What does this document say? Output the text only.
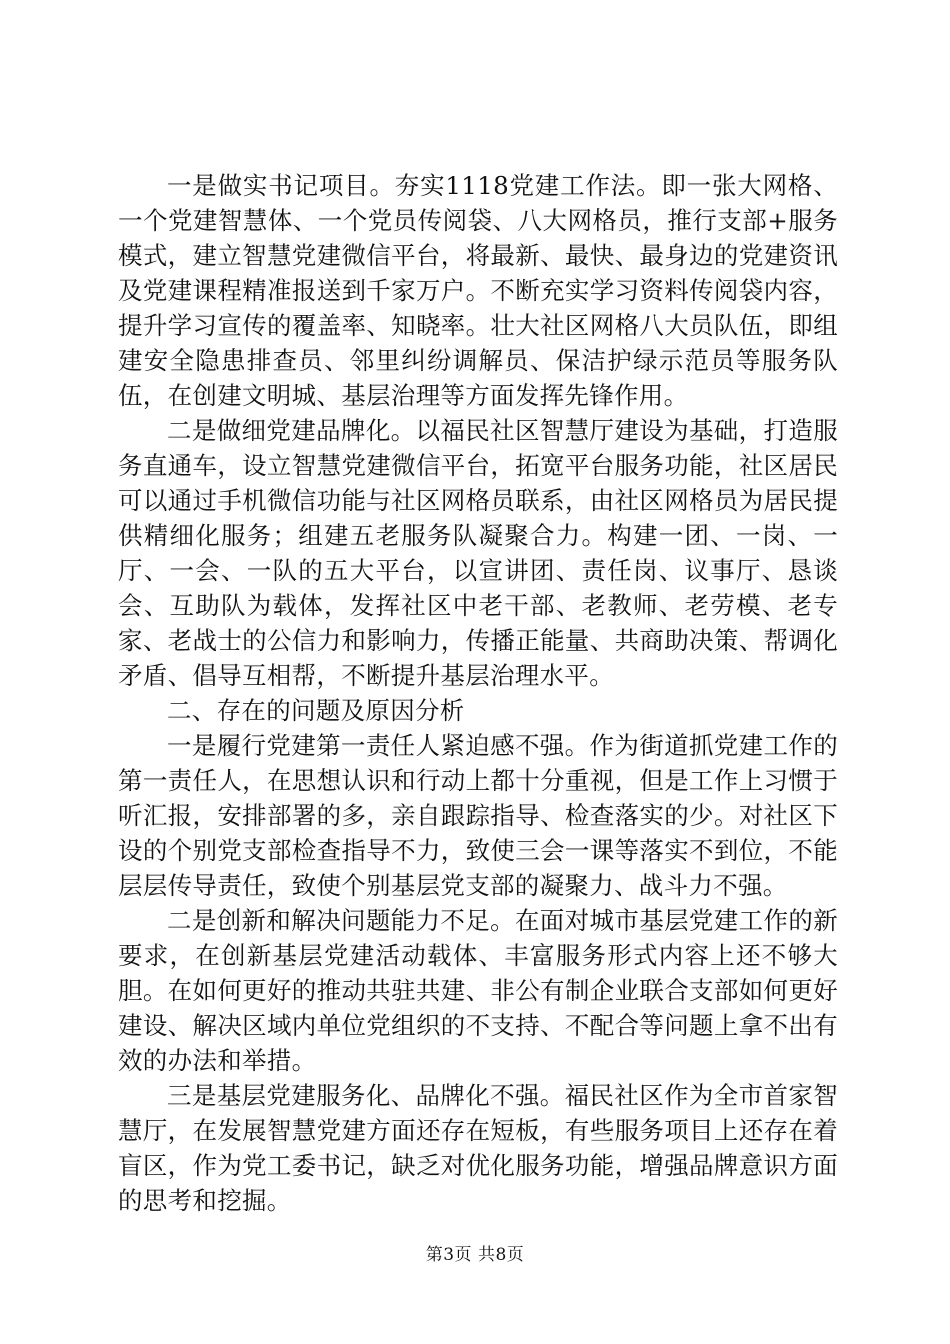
一是做实书记项目。夯实1118党建工作法。即一张大网格、一个党建智慧体、一个党员传阅袋、八大网格员，推行支部+服务模式，建立智慧党建微信平台，将最新、最快、最身边的党建资讯及党建课程精准报送到千家万户。不断充实学习资料传阅袋内容，提升学习宣传的覆盖率、知晓率。壮大社区网格八大员队伍，即组建安全隐患排查员、邻里纠纷调解员、保洁护绿示范员等服务队伍，在创建文明城、基层治理等方面发挥先锋作用。

二是做细党建品牌化。以福民社区智慧厅建设为基础，打造服务直通车，设立智慧党建微信平台，拓宽平台服务功能，社区居民可以通过手机微信功能与社区网格员联系，由社区网格员为居民提供精细化服务；组建五老服务队凝聚合力。构建一团、一岗、一厅、一会、一队的五大平台，以宣讲团、责任岗、议事厅、恳谈会、互助队为载体，发挥社区中老干部、老教师、老劳模、老专家、老战士的公信力和影响力，传播正能量、共商助决策、帮调化矛盾、倡导互相帮，不断提升基层治理水平。

二、存在的问题及原因分析

一是履行党建第一责任人紧迫感不强。作为街道抓党建工作的第一责任人，在思想认识和行动上都十分重视，但是工作上习惯于听汇报，安排部署的多，亲自跟踪指导、检查落实的少。对社区下设的个别党支部检查指导不力，致使三会一课等落实不到位，不能层层传导责任，致使个别基层党支部的凝聚力、战斗力不强。

二是创新和解决问题能力不足。在面对城市基层党建工作的新要求，在创新基层党建活动载体、丰富服务形式内容上还不够大胆。在如何更好的推动共驻共建、非公有制企业联合支部如何更好建设、解决区域内单位党组织的不支持、不配合等问题上拿不出有效的办法和举措。

三是基层党建服务化、品牌化不强。福民社区作为全市首家智慧厅，在发展智慧党建方面还存在短板，有些服务项目上还存在着盲区，作为党工委书记，缺乏对优化服务功能，增强品牌意识方面的思考和挖掘。

第3页 共8页
